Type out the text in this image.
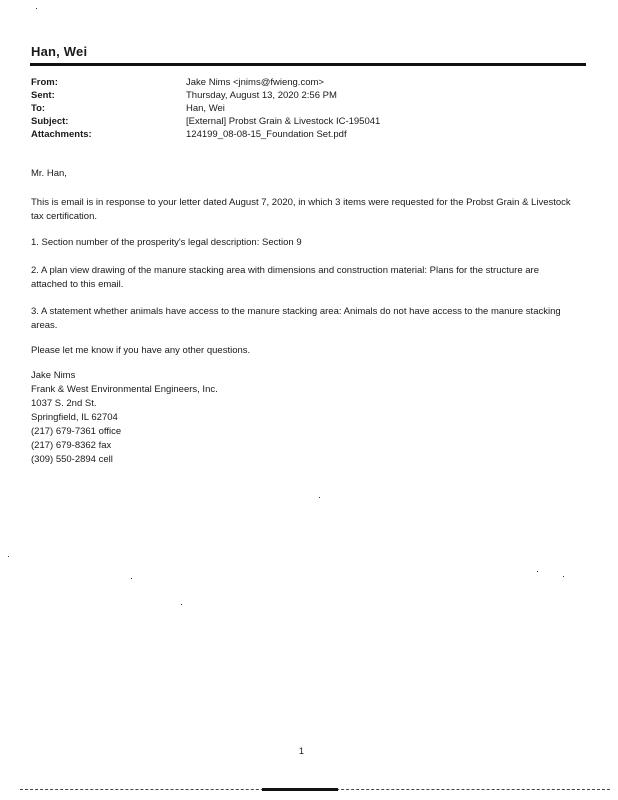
Han, Wei
From:	Jake Nims <jnims@fwieng.com>
Sent:	Thursday, August 13, 2020 2:56 PM
To:	Han, Wei
Subject:	[External] Probst Grain & Livestock IC-195041
Attachments:	124199_08-08-15_Foundation Set.pdf
Mr. Han,
This is email is in response to your letter dated August 7, 2020, in which 3 items were requested for the Probst Grain & Livestock tax certification.
1. Section number of the prosperity's legal description: Section 9
2. A plan view drawing of the manure stacking area with dimensions and construction material: Plans for the structure are attached to this email.
3. A statement whether animals have access to the manure stacking area: Animals do not have access to the manure stacking areas.
Please let me know if you have any other questions.
Jake Nims
Frank & West Environmental Engineers, Inc.
1037 S. 2nd St.
Springfield, IL 62704
(217) 679-7361 office
(217) 679-8362 fax
(309) 550-2894 cell
1
